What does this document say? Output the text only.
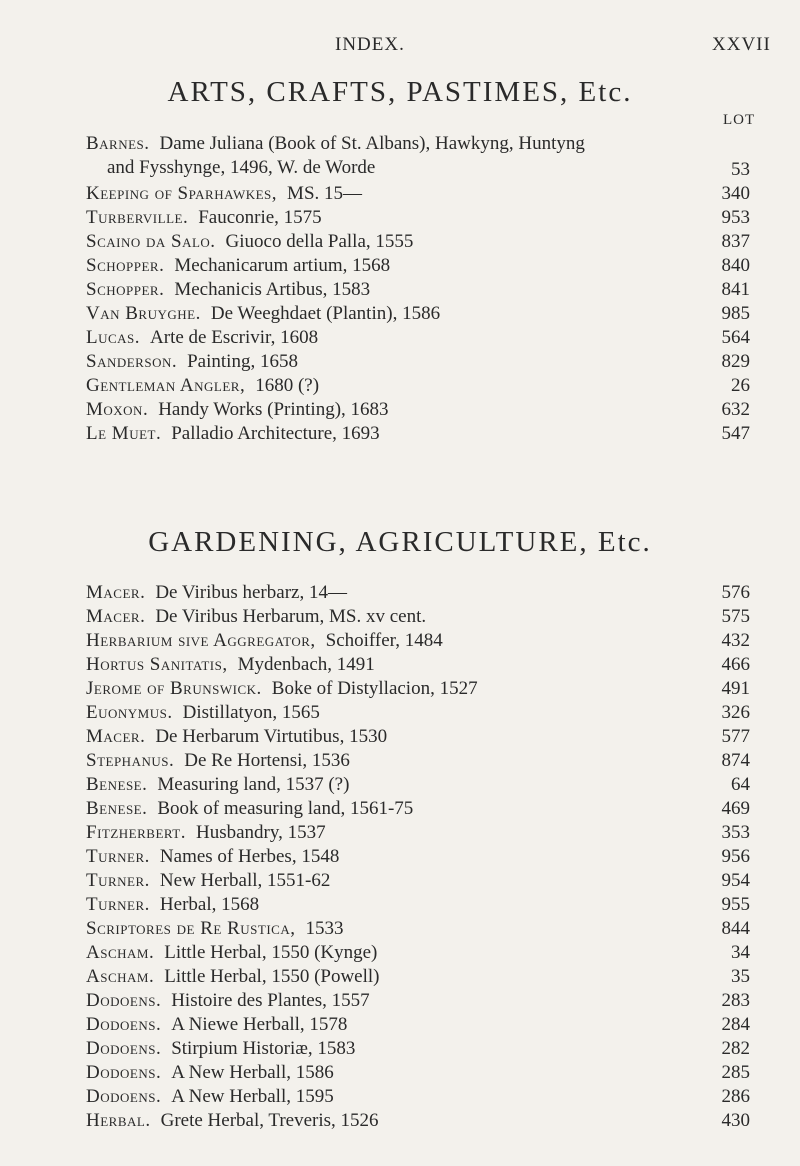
INDEX.	XXVII
ARTS, CRAFTS, PASTIMES, Etc.
LOT
Barnes. Dame Juliana (Book of St. Albans), Hawkyng, Huntyng
and Fysshynge, 1496, W. de Worde	53
Keeping of Sparhawkes, MS. 15—	340
Turberville. Fauconrie, 1575	953
Scaino da Salo. Giuoco della Palla, 1555	837
Schopper. Mechanicarum artium, 1568	840
Schopper. Mechanicis Artibus, 1583	841
Van Bruyghe. De Weeghdaet (Plantin), 1586	985
Lucas. Arte de Escrivir, 1608	564
Sanderson. Painting, 1658	829
Gentleman Angler, 1680 (?)	26
Moxon. Handy Works (Printing), 1683	632
Le Muet. Palladio Architecture, 1693	547
GARDENING, AGRICULTURE, Etc.
Macer. De Viribus herbarz, 14—	576
Macer. De Viribus Herbarum, MS. xv cent.	575
Herbarium sive Aggregator, Schoiffer, 1484	432
Hortus Sanitatis, Mydenbach, 1491	466
Jerome of Brunswick. Boke of Distyllacion, 1527	491
Euonymus. Distillatyon, 1565	326
Macer. De Herbarum Virtutibus, 1530	577
Stephanus. De Re Hortensi, 1536	874
Benese. Measuring land, 1537 (?)	64
Benese. Book of measuring land, 1561-75	469
Fitzherbert. Husbandry, 1537	353
Turner. Names of Herbes, 1548	956
Turner. New Herball, 1551-62	954
Turner. Herbal, 1568	955
Scriptores de Re Rustica, 1533	844
Ascham. Little Herbal, 1550 (Kynge)	34
Ascham. Little Herbal, 1550 (Powell)	35
Dodoens. Histoire des Plantes, 1557	283
Dodoens. A Niewe Herball, 1578	284
Dodoens. Stirpium Historiæ, 1583	282
Dodoens. A New Herball, 1586	285
Dodoens. A New Herball, 1595	286
Herbal. Grete Herbal, Treveris, 1526	430
